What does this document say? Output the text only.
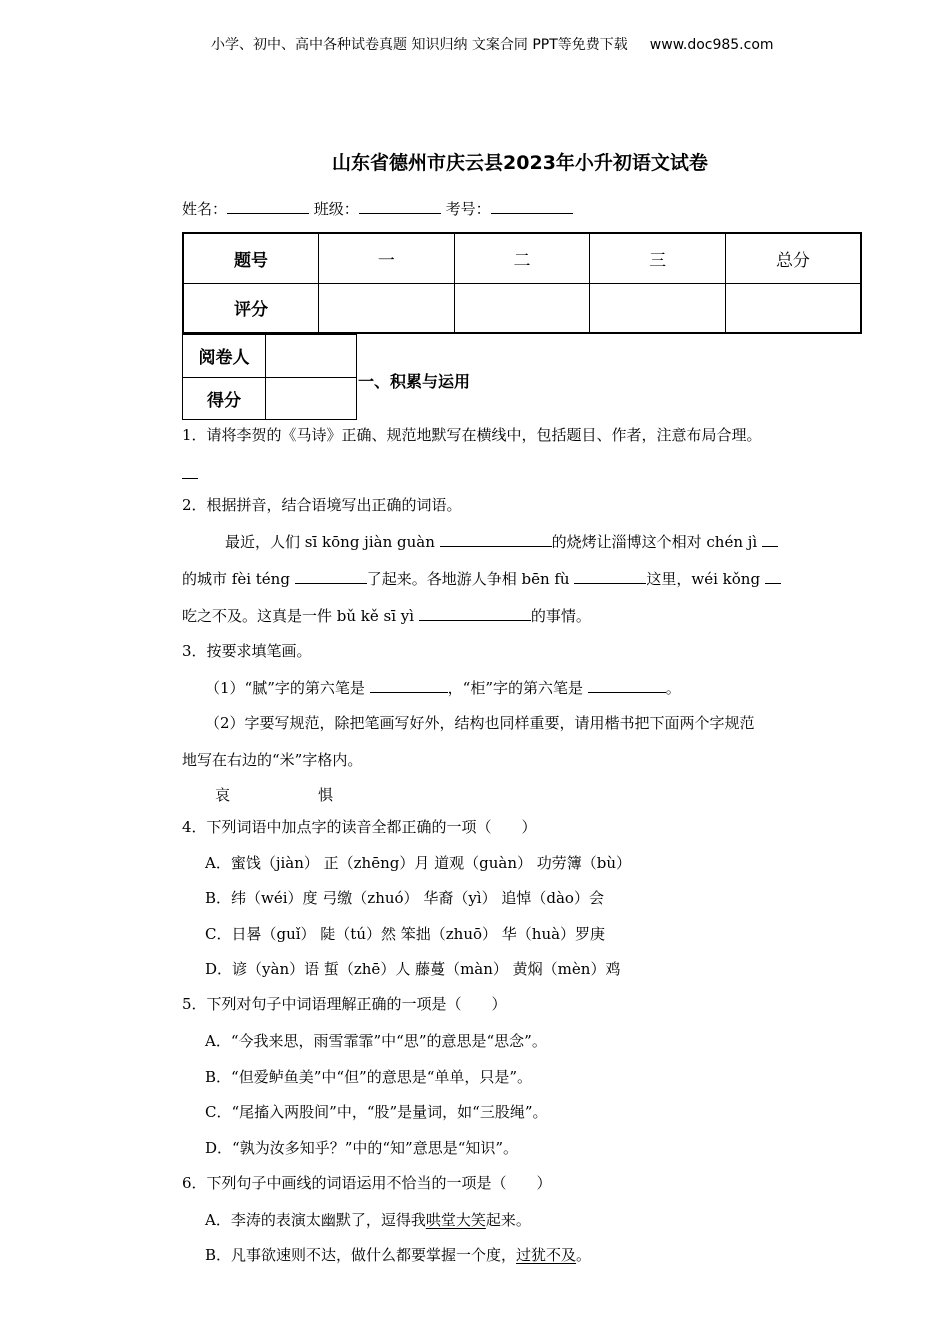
小学、初中、高中各种试卷真题 知识归纳 文案合同 PPT等免费下载 www.doc985.com
山东省德州市庆云县2023年小升初语文试卷
姓名：	班级：	考号：
题号	一	二	三	总分
评分				
阅卷人	
得分	
一、积累与运用
1．请将李贺的《马诗》正确、规范地默写在横线中，包括题目、作者，注意布局合理。
2．根据拼音，结合语境写出正确的词语。
最近，人们 sī kōng jiàn guàn	的烧烤让淄博这个相对 chén jì
的城市 fèi téng	了起来。各地游人争相 bēn fù	这里，wéi kǒng
吃之不及。这真是一件 bǔ kě sī yì	的事情。
3．按要求填笔画。
（1）“腻”字的第六笔是	，“柜”字的第六笔是	。
（2）字要写规范，除把笔画写好外，结构也同样重要，请用楷书把下面两个字规范
地写在右边的“米”字格内。
哀	惧
4．下列词语中加点字的读音全都正确的一项（　　）
A．蜜饯（jiàn） 正（zhēng）月 道观（guàn） 功劳簿（bù）
B．纬（wéi）度 弓缴（zhuó） 华裔（yì） 追悼（dào）会
C．日晷（guǐ） 陡（tú）然 笨拙（zhuō） 华（huà）罗庚
D．谚（yàn）语 蜇（zhē）人 藤蔓（màn） 黄焖（mèn）鸡
5．下列对句子中词语理解正确的一项是（　　）
A．“今我来思，雨雪霏霏”中“思”的意思是“思念”。
B．“但爱鲈鱼美”中“但”的意思是“单单，只是”。
C．“尾搐入两股间”中，“股”是量词，如“三股绳”。
D．“孰为汝多知乎？”中的“知”意思是“知识”。
6．下列句子中画线的词语运用不恰当的一项是（　　）
A．李涛的表演太幽默了，逗得我哄堂大笑起来。
B．凡事欲速则不达，做什么都要掌握一个度，过犹不及。
